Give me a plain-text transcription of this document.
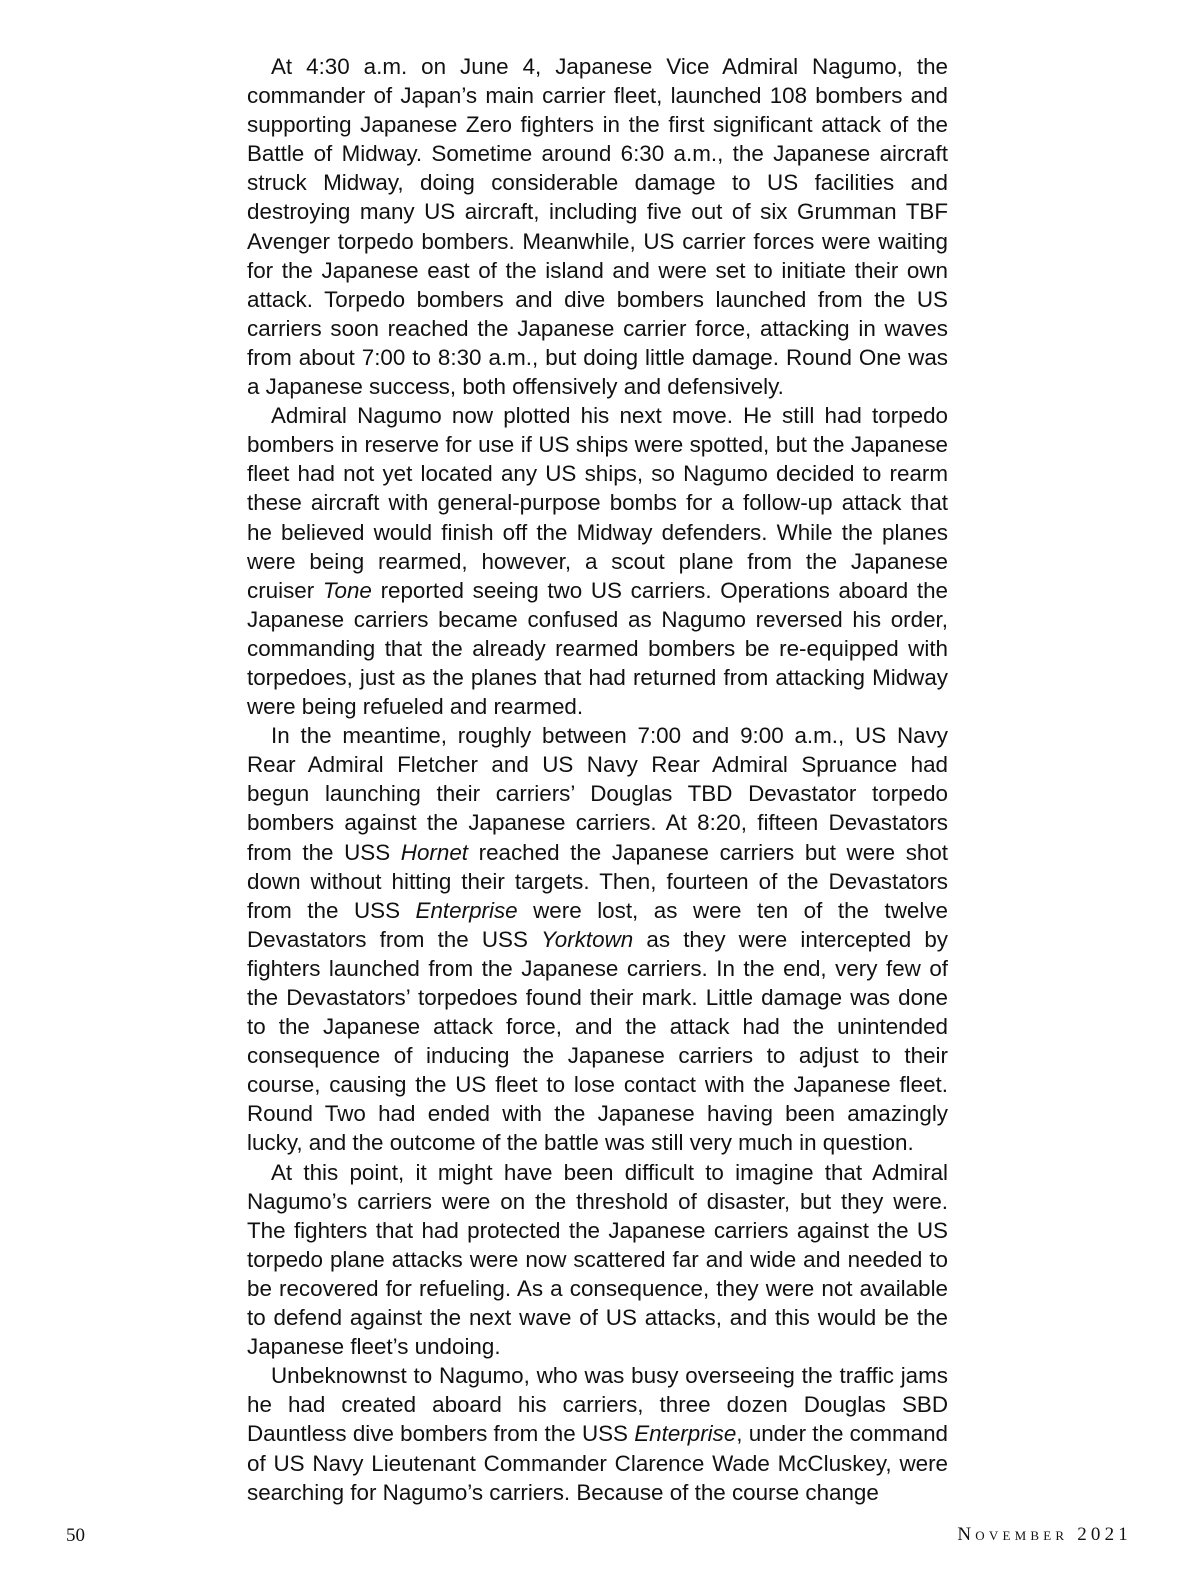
At 4:30 a.m. on June 4, Japanese Vice Admiral Nagumo, the commander of Japan’s main carrier fleet, launched 108 bombers and supporting Japanese Zero fighters in the first significant attack of the Battle of Midway. Sometime around 6:30 a.m., the Japanese aircraft struck Midway, doing considerable damage to US facilities and destroying many US aircraft, including five out of six Grumman TBF Avenger torpedo bombers. Meanwhile, US carrier forces were waiting for the Japanese east of the island and were set to initiate their own attack. Torpedo bombers and dive bombers launched from the US carriers soon reached the Japanese carrier force, attacking in waves from about 7:00 to 8:30 a.m., but doing little damage. Round One was a Japanese success, both offensively and defensively.

Admiral Nagumo now plotted his next move. He still had torpedo bombers in reserve for use if US ships were spotted, but the Japanese fleet had not yet located any US ships, so Nagumo decided to rearm these aircraft with general-purpose bombs for a follow-up attack that he believed would finish off the Midway defenders. While the planes were being rearmed, however, a scout plane from the Japanese cruiser Tone reported seeing two US carriers. Operations aboard the Japanese carriers became confused as Nagumo reversed his order, commanding that the already rearmed bombers be re-equipped with torpedoes, just as the planes that had returned from attacking Midway were being refueled and rearmed.

In the meantime, roughly between 7:00 and 9:00 a.m., US Navy Rear Admiral Fletcher and US Navy Rear Admiral Spruance had begun launching their carriers’ Douglas TBD Devastator torpedo bombers against the Japanese carriers. At 8:20, fifteen Devastators from the USS Hornet reached the Japanese carriers but were shot down without hitting their targets. Then, fourteen of the Devastators from the USS Enterprise were lost, as were ten of the twelve Devastators from the USS Yorktown as they were intercepted by fighters launched from the Japanese carriers. In the end, very few of the Devastators’ torpedoes found their mark. Little damage was done to the Japanese attack force, and the attack had the unintended consequence of inducing the Japanese carriers to adjust to their course, causing the US fleet to lose contact with the Japanese fleet. Round Two had ended with the Japanese having been amazingly lucky, and the outcome of the battle was still very much in question.

At this point, it might have been difficult to imagine that Admiral Nagumo’s carriers were on the threshold of disaster, but they were. The fighters that had protected the Japanese carriers against the US torpedo plane attacks were now scattered far and wide and needed to be recovered for refueling. As a consequence, they were not available to defend against the next wave of US attacks, and this would be the Japanese fleet’s undoing.

Unbeknownst to Nagumo, who was busy overseeing the traffic jams he had created aboard his carriers, three dozen Douglas SBD Dauntless dive bombers from the USS Enterprise, under the command of US Navy Lieutenant Commander Clarence Wade McCluskey, were searching for Nagumo’s carriers. Because of the course change

50	November 2021
